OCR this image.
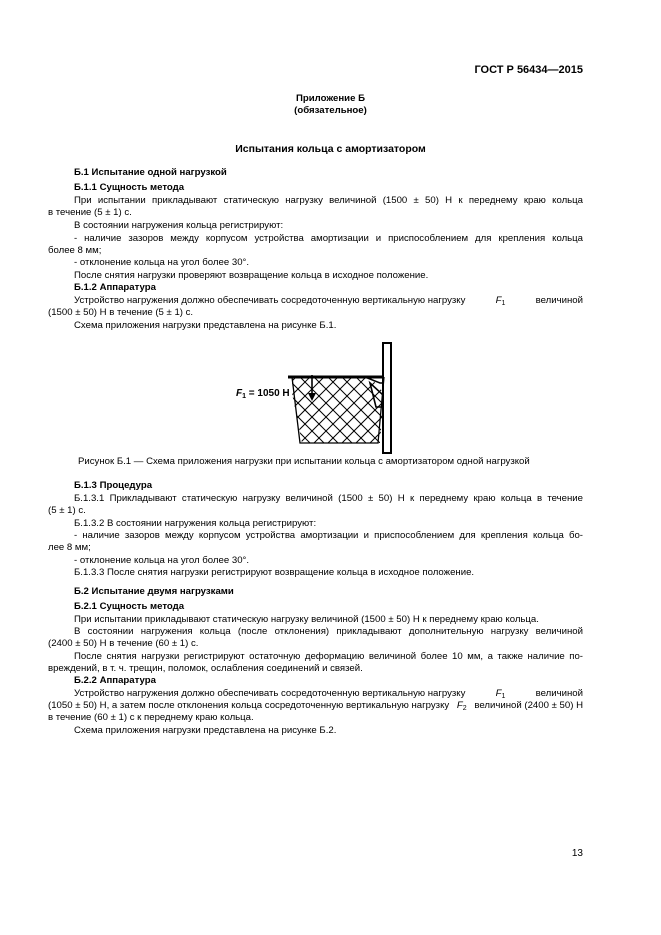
ГОСТ Р 56434—2015
Приложение Б
(обязательное)
Испытания кольца с амортизатором
Б.1 Испытание одной нагрузкой
Б.1.1 Сущность метода
При испытании прикладывают статическую нагрузку величиной (1500 ± 50) Н к переднему краю кольца
в течение (5 ± 1) с.
В состоянии нагружения кольца регистрируют:
- наличие зазоров между корпусом устройства амортизации и приспособлением для крепления кольца
более 8 мм;
- отклонение кольца на угол более 30°.
После снятия нагрузки проверяют возвращение кольца в исходное положение.
Б.1.2 Аппаратура
Устройство нагружения должно обеспечивать сосредоточенную вертикальную нагрузку	$F_1$	величиной
(1500 ± 50) Н в течение (5 ± 1) с.
Схема приложения нагрузки представлена на рисунке Б.1.
$F_1 = 1050$ Н
Рисунок Б.1 — Схема приложения нагрузки при испытании кольца с амортизатором одной нагрузкой
Б.1.3 Процедура
Б.1.3.1 Прикладывают статическую нагрузку величиной (1500 ± 50) Н к переднему краю кольца в течение
(5 ± 1) с.
Б.1.3.2 В состоянии нагружения кольца регистрируют:
- наличие зазоров между корпусом устройства амортизации и приспособлением для крепления кольца бо-
лее 8 мм;
- отклонение кольца на угол более 30°.
Б.1.3.3 После снятия нагрузки регистрируют возвращение кольца в исходное положение.
Б.2 Испытание двумя нагрузками
Б.2.1 Сущность метода
При испытании прикладывают статическую нагрузку величиной (1500 ± 50) Н к переднему краю кольца.
В состоянии нагружения кольца (после отклонения) прикладывают дополнительную нагрузку величиной
(2400 ± 50) Н в течение (60 ± 1) с.
После снятия нагрузки регистрируют остаточную деформацию величиной более 10 мм, а также наличие по-
вреждений, в т. ч. трещин, поломок, ослабления соединений и связей.
Б.2.2 Аппаратура
Устройство нагружения должно обеспечивать сосредоточенную вертикальную нагрузку	$F_1$	величиной
(1050 ± 50) Н, а затем после отклонения кольца сосредоточенную вертикальную нагрузку $F_2$ величиной (2400 ± 50) Н
в течение (60 ± 1) с к переднему краю кольца.
Схема приложения нагрузки представлена на рисунке Б.2.
13
